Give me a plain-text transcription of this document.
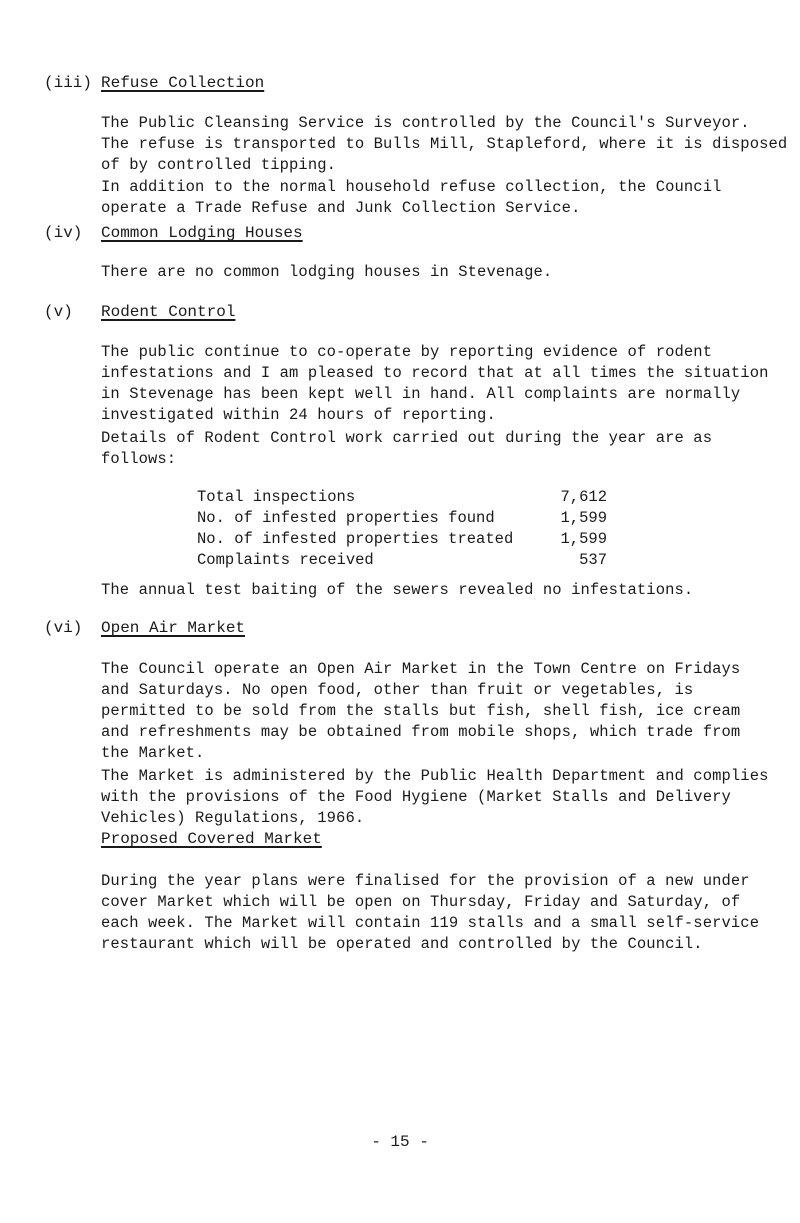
(iii) Refuse Collection
The Public Cleansing Service is controlled by the Council's Surveyor.
The refuse is transported to Bulls Mill, Stapleford, where it is disposed
of by controlled tipping.
In addition to the normal household refuse collection, the Council
operate a Trade Refuse and Junk Collection Service.
(iv) Common Lodging Houses
There are no common lodging houses in Stevenage.
(v) Rodent Control
The public continue to co-operate by reporting evidence of rodent
infestations and I am pleased to record that at all times the situation
in Stevenage has been kept well in hand. All complaints are normally
investigated within 24 hours of reporting.
Details of Rodent Control work carried out during the year are as
follows:
Total inspections	7,612
No. of infested properties found	1,599
No. of infested properties treated	1,599
Complaints received	537
The annual test baiting of the sewers revealed no infestations.
(vi) Open Air Market
The Council operate an Open Air Market in the Town Centre on Fridays
and Saturdays. No open food, other than fruit or vegetables, is
permitted to be sold from the stalls but fish, shell fish, ice cream
and refreshments may be obtained from mobile shops, which trade from
the Market.
The Market is administered by the Public Health Department and complies
with the provisions of the Food Hygiene (Market Stalls and Delivery
Vehicles) Regulations, 1966.
Proposed Covered Market
During the year plans were finalised for the provision of a new under
cover Market which will be open on Thursday, Friday and Saturday, of
each week. The Market will contain 119 stalls and a small self-service
restaurant which will be operated and controlled by the Council.
- 15 -
